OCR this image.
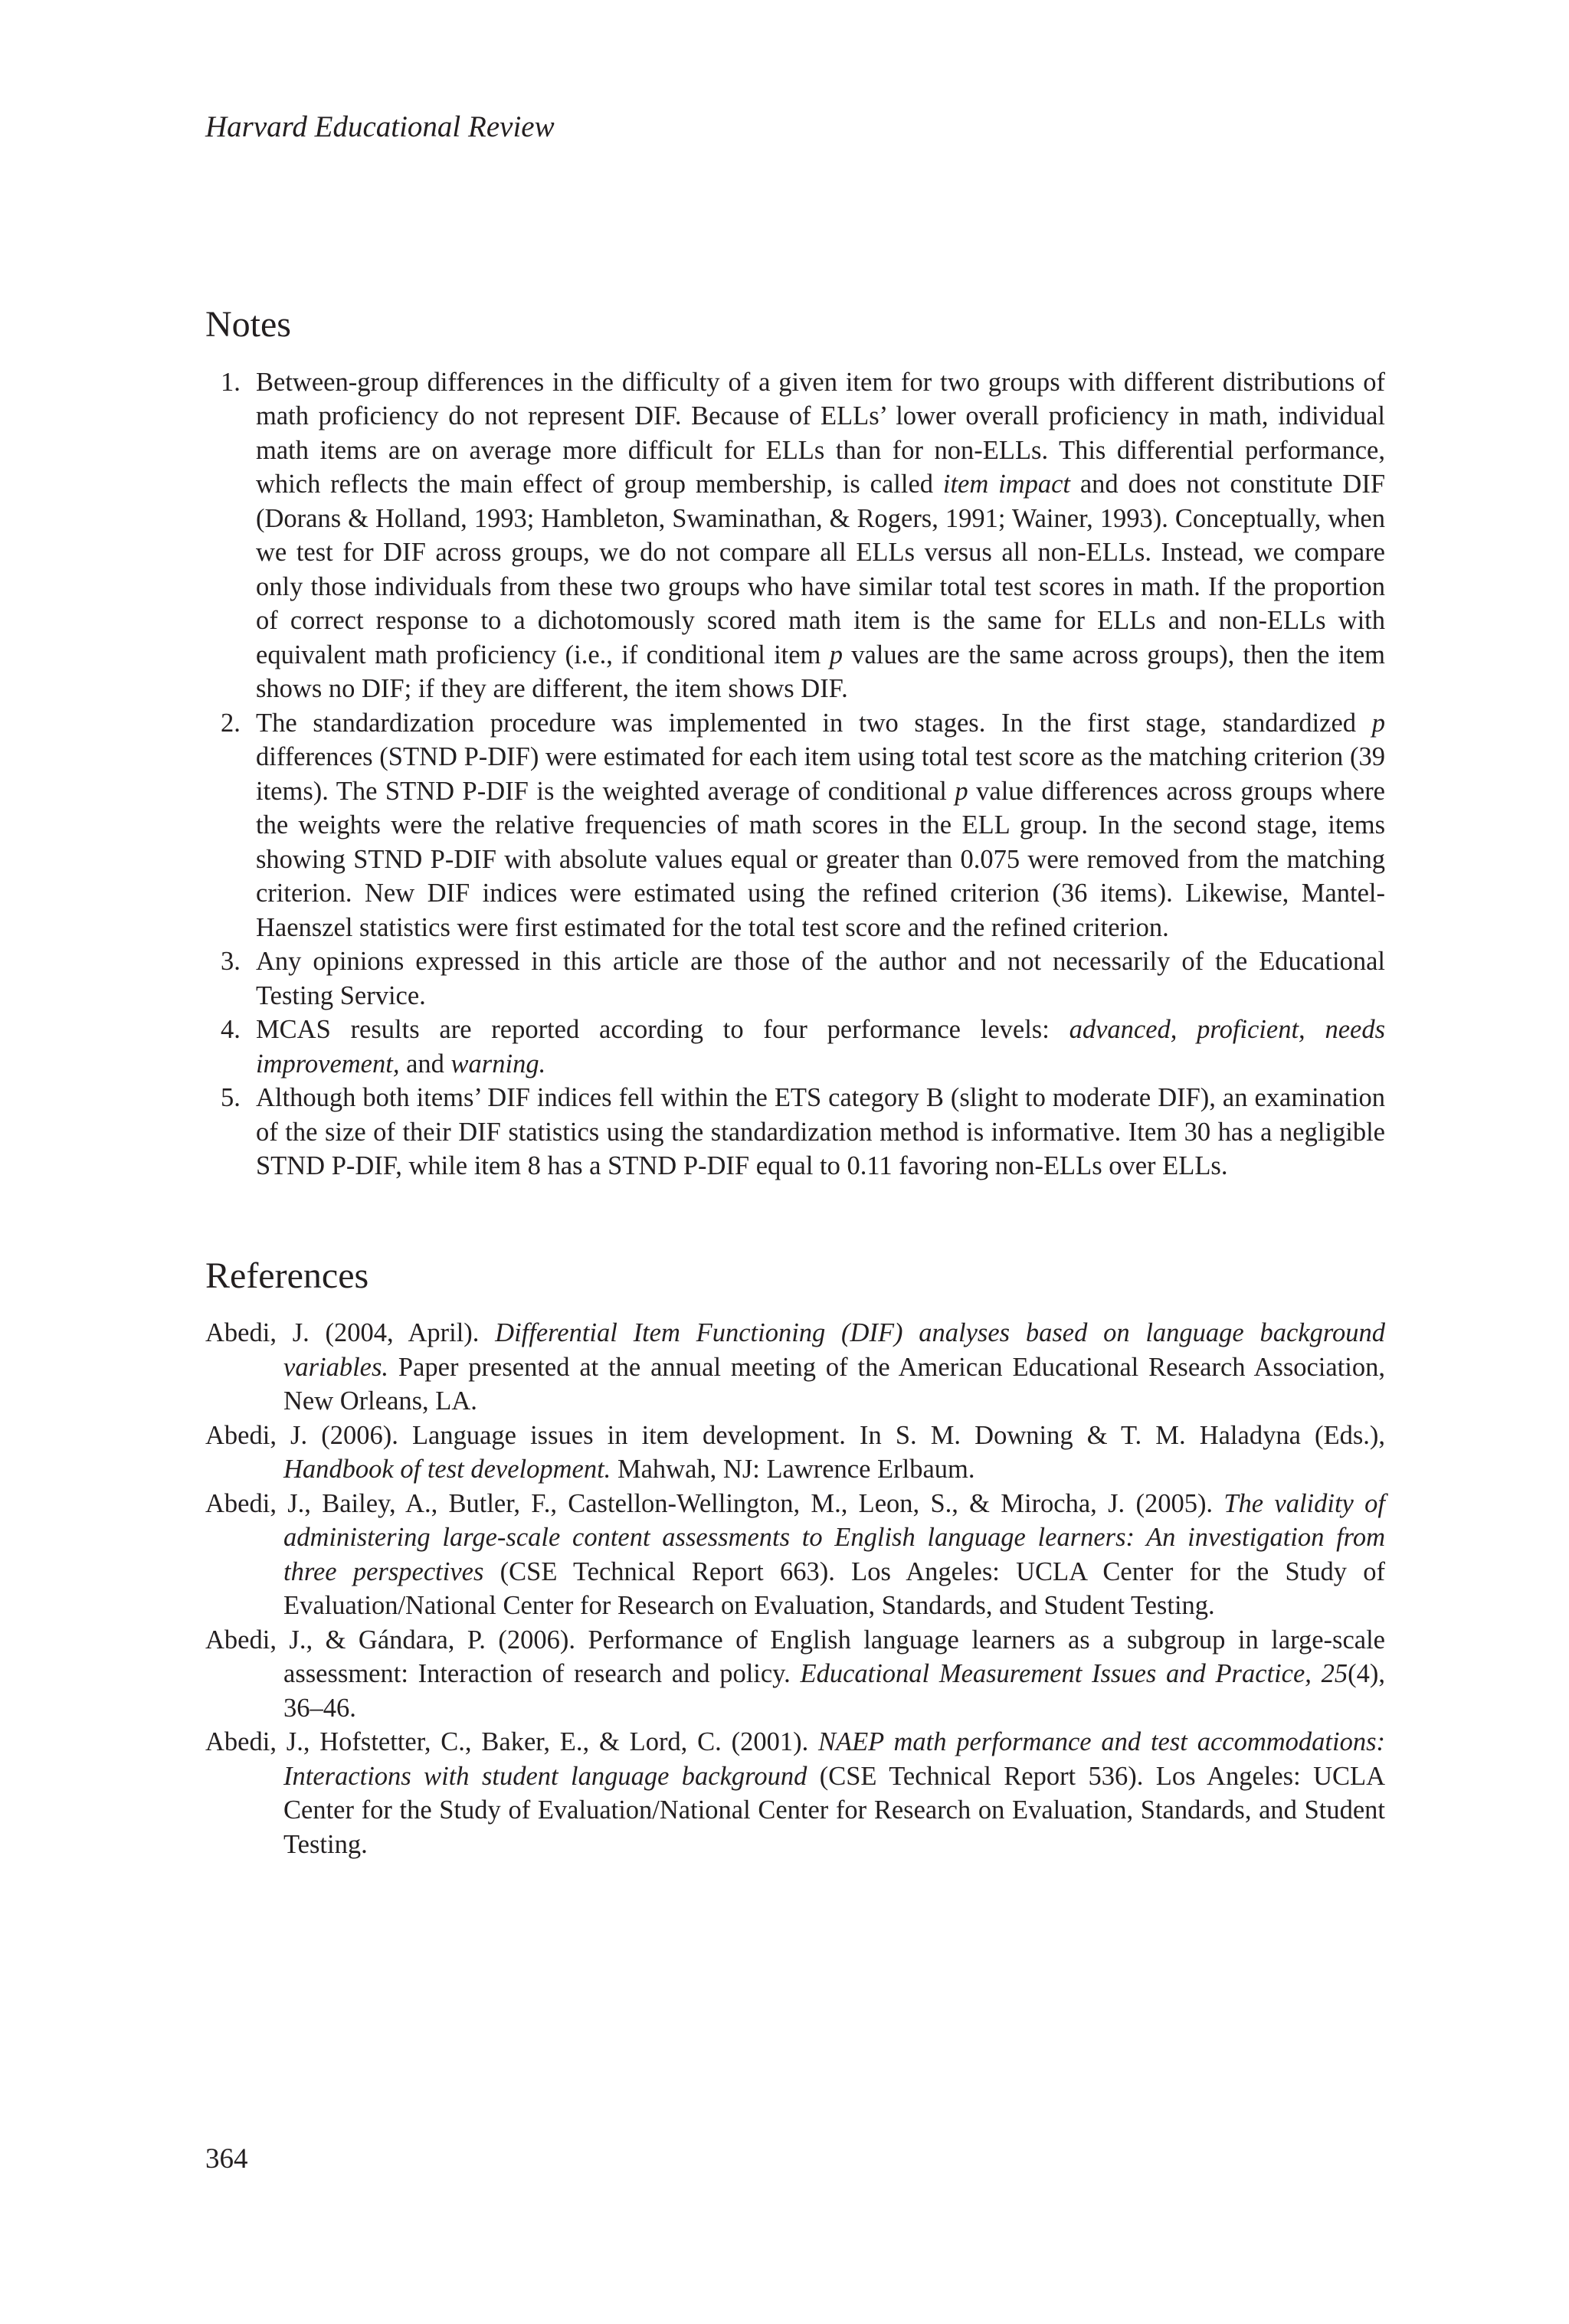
Harvard Educational Review
Notes
1. Between-group differences in the difficulty of a given item for two groups with different distributions of math proficiency do not represent DIF. Because of ELLs’ lower overall proficiency in math, individual math items are on average more difficult for ELLs than for non-ELLs. This differential performance, which reflects the main effect of group membership, is called item impact and does not constitute DIF (Dorans & Holland, 1993; Hambleton, Swaminathan, & Rogers, 1991; Wainer, 1993). Conceptually, when we test for DIF across groups, we do not compare all ELLs versus all non-ELLs. Instead, we compare only those individuals from these two groups who have similar total test scores in math. If the proportion of correct response to a dichotomously scored math item is the same for ELLs and non-ELLs with equivalent math proficiency (i.e., if conditional item p values are the same across groups), then the item shows no DIF; if they are different, the item shows DIF.
2. The standardization procedure was implemented in two stages. In the first stage, standardized p differences (STND P-DIF) were estimated for each item using total test score as the matching criterion (39 items). The STND P-DIF is the weighted average of conditional p value differences across groups where the weights were the relative frequencies of math scores in the ELL group. In the second stage, items showing STND P-DIF with absolute values equal or greater than 0.075 were removed from the matching criterion. New DIF indices were estimated using the refined criterion (36 items). Likewise, Mantel-Haenszel statistics were first estimated for the total test score and the refined criterion.
3. Any opinions expressed in this article are those of the author and not necessarily of the Educational Testing Service.
4. MCAS results are reported according to four performance levels: advanced, proficient, needs improvement, and warning.
5. Although both items’ DIF indices fell within the ETS category B (slight to moderate DIF), an examination of the size of their DIF statistics using the standardization method is informative. Item 30 has a negligible STND P-DIF, while item 8 has a STND P-DIF equal to 0.11 favoring non-ELLs over ELLs.
References
Abedi, J. (2004, April). Differential Item Functioning (DIF) analyses based on language background variables. Paper presented at the annual meeting of the American Educational Research Association, New Orleans, LA.
Abedi, J. (2006). Language issues in item development. In S. M. Downing & T. M. Haladyna (Eds.), Handbook of test development. Mahwah, NJ: Lawrence Erlbaum.
Abedi, J., Bailey, A., Butler, F., Castellon-Wellington, M., Leon, S., & Mirocha, J. (2005). The validity of administering large-scale content assessments to English language learners: An investigation from three perspectives (CSE Technical Report 663). Los Angeles: UCLA Center for the Study of Evaluation/National Center for Research on Evaluation, Standards, and Student Testing.
Abedi, J., & Gándara, P. (2006). Performance of English language learners as a subgroup in large-scale assessment: Interaction of research and policy. Educational Measurement Issues and Practice, 25(4), 36–46.
Abedi, J., Hofstetter, C., Baker, E., & Lord, C. (2001). NAEP math performance and test accommodations: Interactions with student language background (CSE Technical Report 536). Los Angeles: UCLA Center for the Study of Evaluation/National Center for Research on Evaluation, Standards, and Student Testing.
364
